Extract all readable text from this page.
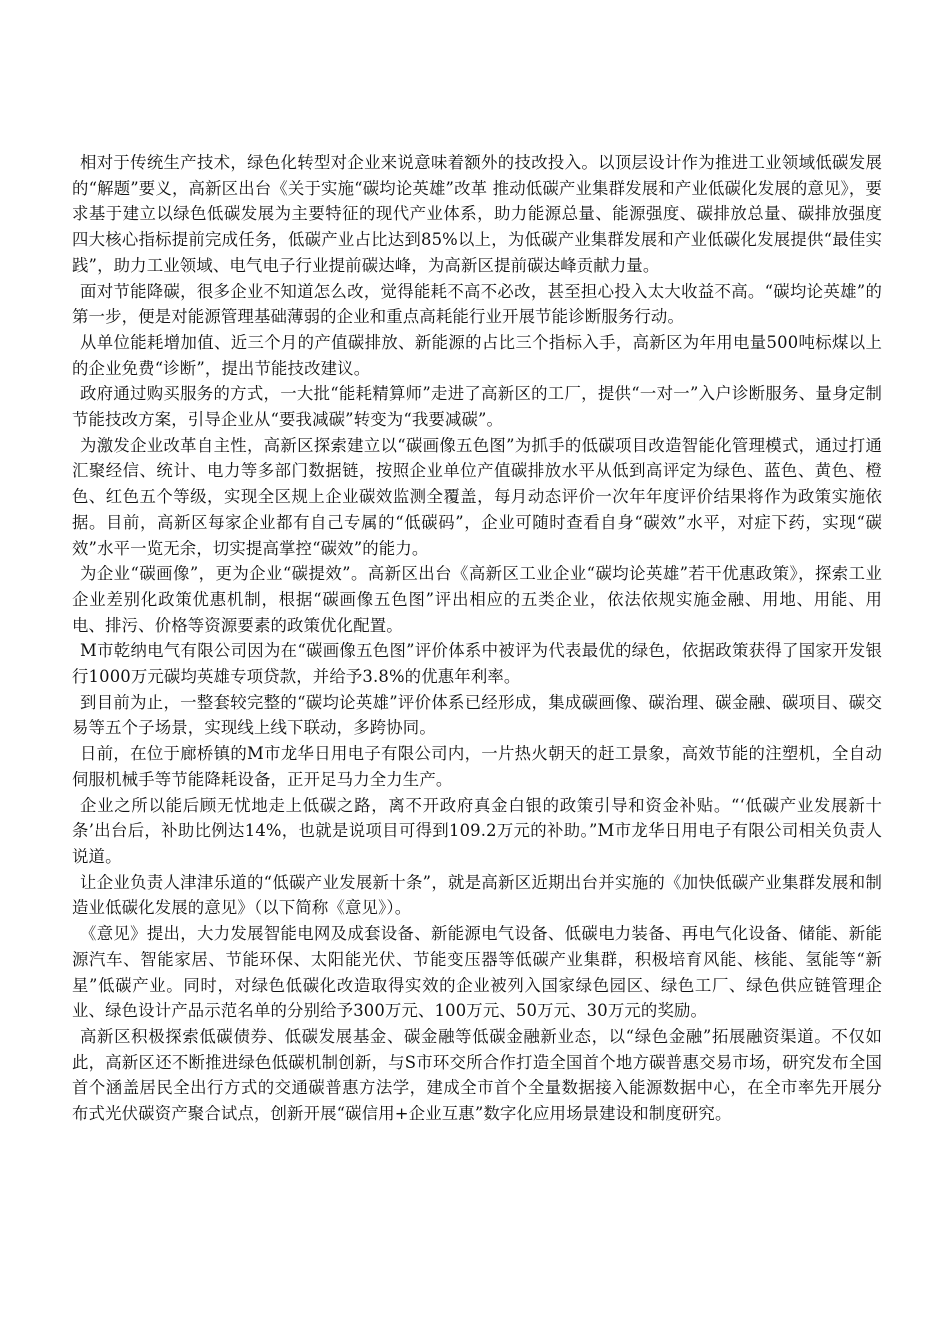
相对于传统生产技术，绿色化转型对企业来说意味着额外的技改投入。以顶层设计作为推进工业领域低碳发展的“解题”要义，高新区出台《关于实施“碳均论英雄”改革 推动低碳产业集群发展和产业低碳化发展的意见》，要求基于建立以绿色低碳发展为主要特征的现代产业体系，助力能源总量、能源强度、碳排放总量、碳排放强度四大核心指标提前完成任务，低碳产业占比达到85%以上，为低碳产业集群发展和产业低碳化发展提供“最佳实践”，助力工业领域、电气电子行业提前碳达峰，为高新区提前碳达峰贡献力量。

面对节能降碳，很多企业不知道怎么改，觉得能耗不高不必改，甚至担心投入太大收益不高。“碳均论英雄”的第一步，便是对能源管理基础薄弱的企业和重点高耗能行业开展节能诊断服务行动。

从单位能耗增加值、近三个月的产值碳排放、新能源的占比三个指标入手，高新区为年用电量500吨标煤以上的企业免费“诊断”，提出节能技改建议。

政府通过购买服务的方式，一大批“能耗精算师”走进了高新区的工厂，提供“一对一”入户诊断服务、量身定制节能技改方案，引导企业从“要我减碳”转变为“我要减碳”。

为激发企业改革自主性，高新区探索建立以“碳画像五色图”为抓手的低碳项目改造智能化管理模式，通过打通汇聚经信、统计、电力等多部门数据链，按照企业单位产值碳排放水平从低到高评定为绿色、蓝色、黄色、橙色、红色五个等级，实现全区规上企业碳效监测全覆盖，每月动态评价一次年年度评价结果将作为政策实施依据。目前，高新区每家企业都有自己专属的“低碳码”，企业可随时查看自身“碳效”水平，对症下药，实现“碳效”水平一览无余，切实提高掌控“碳效”的能力。

为企业“碳画像”，更为企业“碳提效”。高新区出台《高新区工业企业“碳均论英雄”若干优惠政策》，探索工业企业差别化政策优惠机制，根据“碳画像五色图”评出相应的五类企业，依法依规实施金融、用地、用能、用电、排污、价格等资源要素的政策优化配置。

M市乾纳电气有限公司因为在“碳画像五色图”评价体系中被评为代表最优的绿色，依据政策获得了国家开发银行1000万元碳均英雄专项贷款，并给予3.8%的优惠年利率。

到目前为止，一整套较完整的“碳均论英雄”评价体系已经形成，集成碳画像、碳治理、碳金融、碳项目、碳交易等五个子场景，实现线上线下联动，多跨协同。

日前，在位于廊桥镇的M市龙华日用电子有限公司内，一片热火朝天的赶工景象，高效节能的注塑机，全自动伺服机械手等节能降耗设备，正开足马力全力生产。

企业之所以能后顾无忧地走上低碳之路，离不开政府真金白银的政策引导和资金补贴。“‘低碳产业发展新十条’出台后，补助比例达14%，也就是说项目可得到109.2万元的补助。”M市龙华日用电子有限公司相关负责人说道。

让企业负责人津津乐道的“低碳产业发展新十条”，就是高新区近期出台并实施的《加快低碳产业集群发展和制造业低碳化发展的意见》（以下简称《意见》）。

《意见》提出，大力发展智能电网及成套设备、新能源电气设备、低碳电力装备、再电气化设备、储能、新能源汽车、智能家居、节能环保、太阳能光伏、节能变压器等低碳产业集群，积极培育风能、核能、氢能等“新星”低碳产业。同时，对绿色低碳化改造取得实效的企业被列入国家绿色园区、绿色工厂、绿色供应链管理企业、绿色设计产品示范名单的分别给予300万元、100万元、50万元、30万元的奖励。

高新区积极探索低碳债券、低碳发展基金、碳金融等低碳金融新业态，以“绿色金融”拓展融资渠道。不仅如此，高新区还不断推进绿色低碳机制创新，与S市环交所合作打造全国首个地方碳普惠交易市场，研究发布全国首个涵盖居民全出行方式的交通碳普惠方法学，建成全市首个全量数据接入能源数据中心，在全市率先开展分布式光伏碳资产聚合试点，创新开展“碳信用+企业互惠”数字化应用场景建设和制度研究。
